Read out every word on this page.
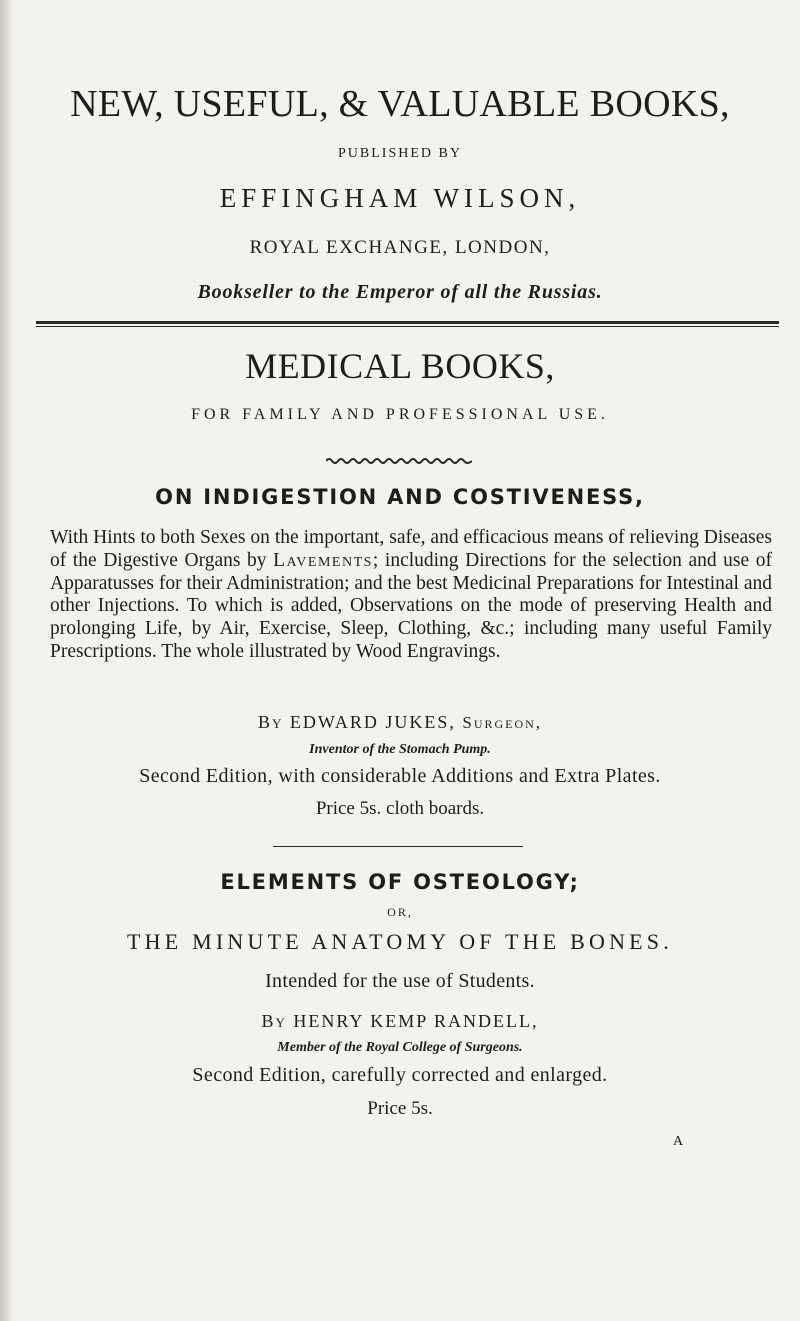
NEW, USEFUL, & VALUABLE BOOKS,
PUBLISHED BY
EFFINGHAM WILSON,
ROYAL EXCHANGE, LONDON,
Bookseller to the Emperor of all the Russias.
MEDICAL BOOKS,
FOR FAMILY AND PROFESSIONAL USE.
ON INDIGESTION AND COSTIVENESS,

With Hints to both Sexes on the important, safe, and efficacious means of relieving Diseases of the Digestive Organs by Lavements; including Directions for the selection and use of Apparatusses for their Administration; and the best Medicinal Preparations for Intestinal and other Injections. To which is added, Observations on the mode of preserving Health and prolonging Life, by Air, Exercise, Sleep, Clothing, &c.; including many useful Family Prescriptions. The whole illustrated by Wood Engravings.

By EDWARD JUKES, Surgeon,
Inventor of the Stomach Pump.
Second Edition, with considerable Additions and Extra Plates.
Price 5s. cloth boards.
ELEMENTS OF OSTEOLOGY;
OR,
THE MINUTE ANATOMY OF THE BONES.
Intended for the use of Students.
By HENRY KEMP RANDELL,
Member of the Royal College of Surgeons.
Second Edition, carefully corrected and enlarged.
Price 5s.
A
